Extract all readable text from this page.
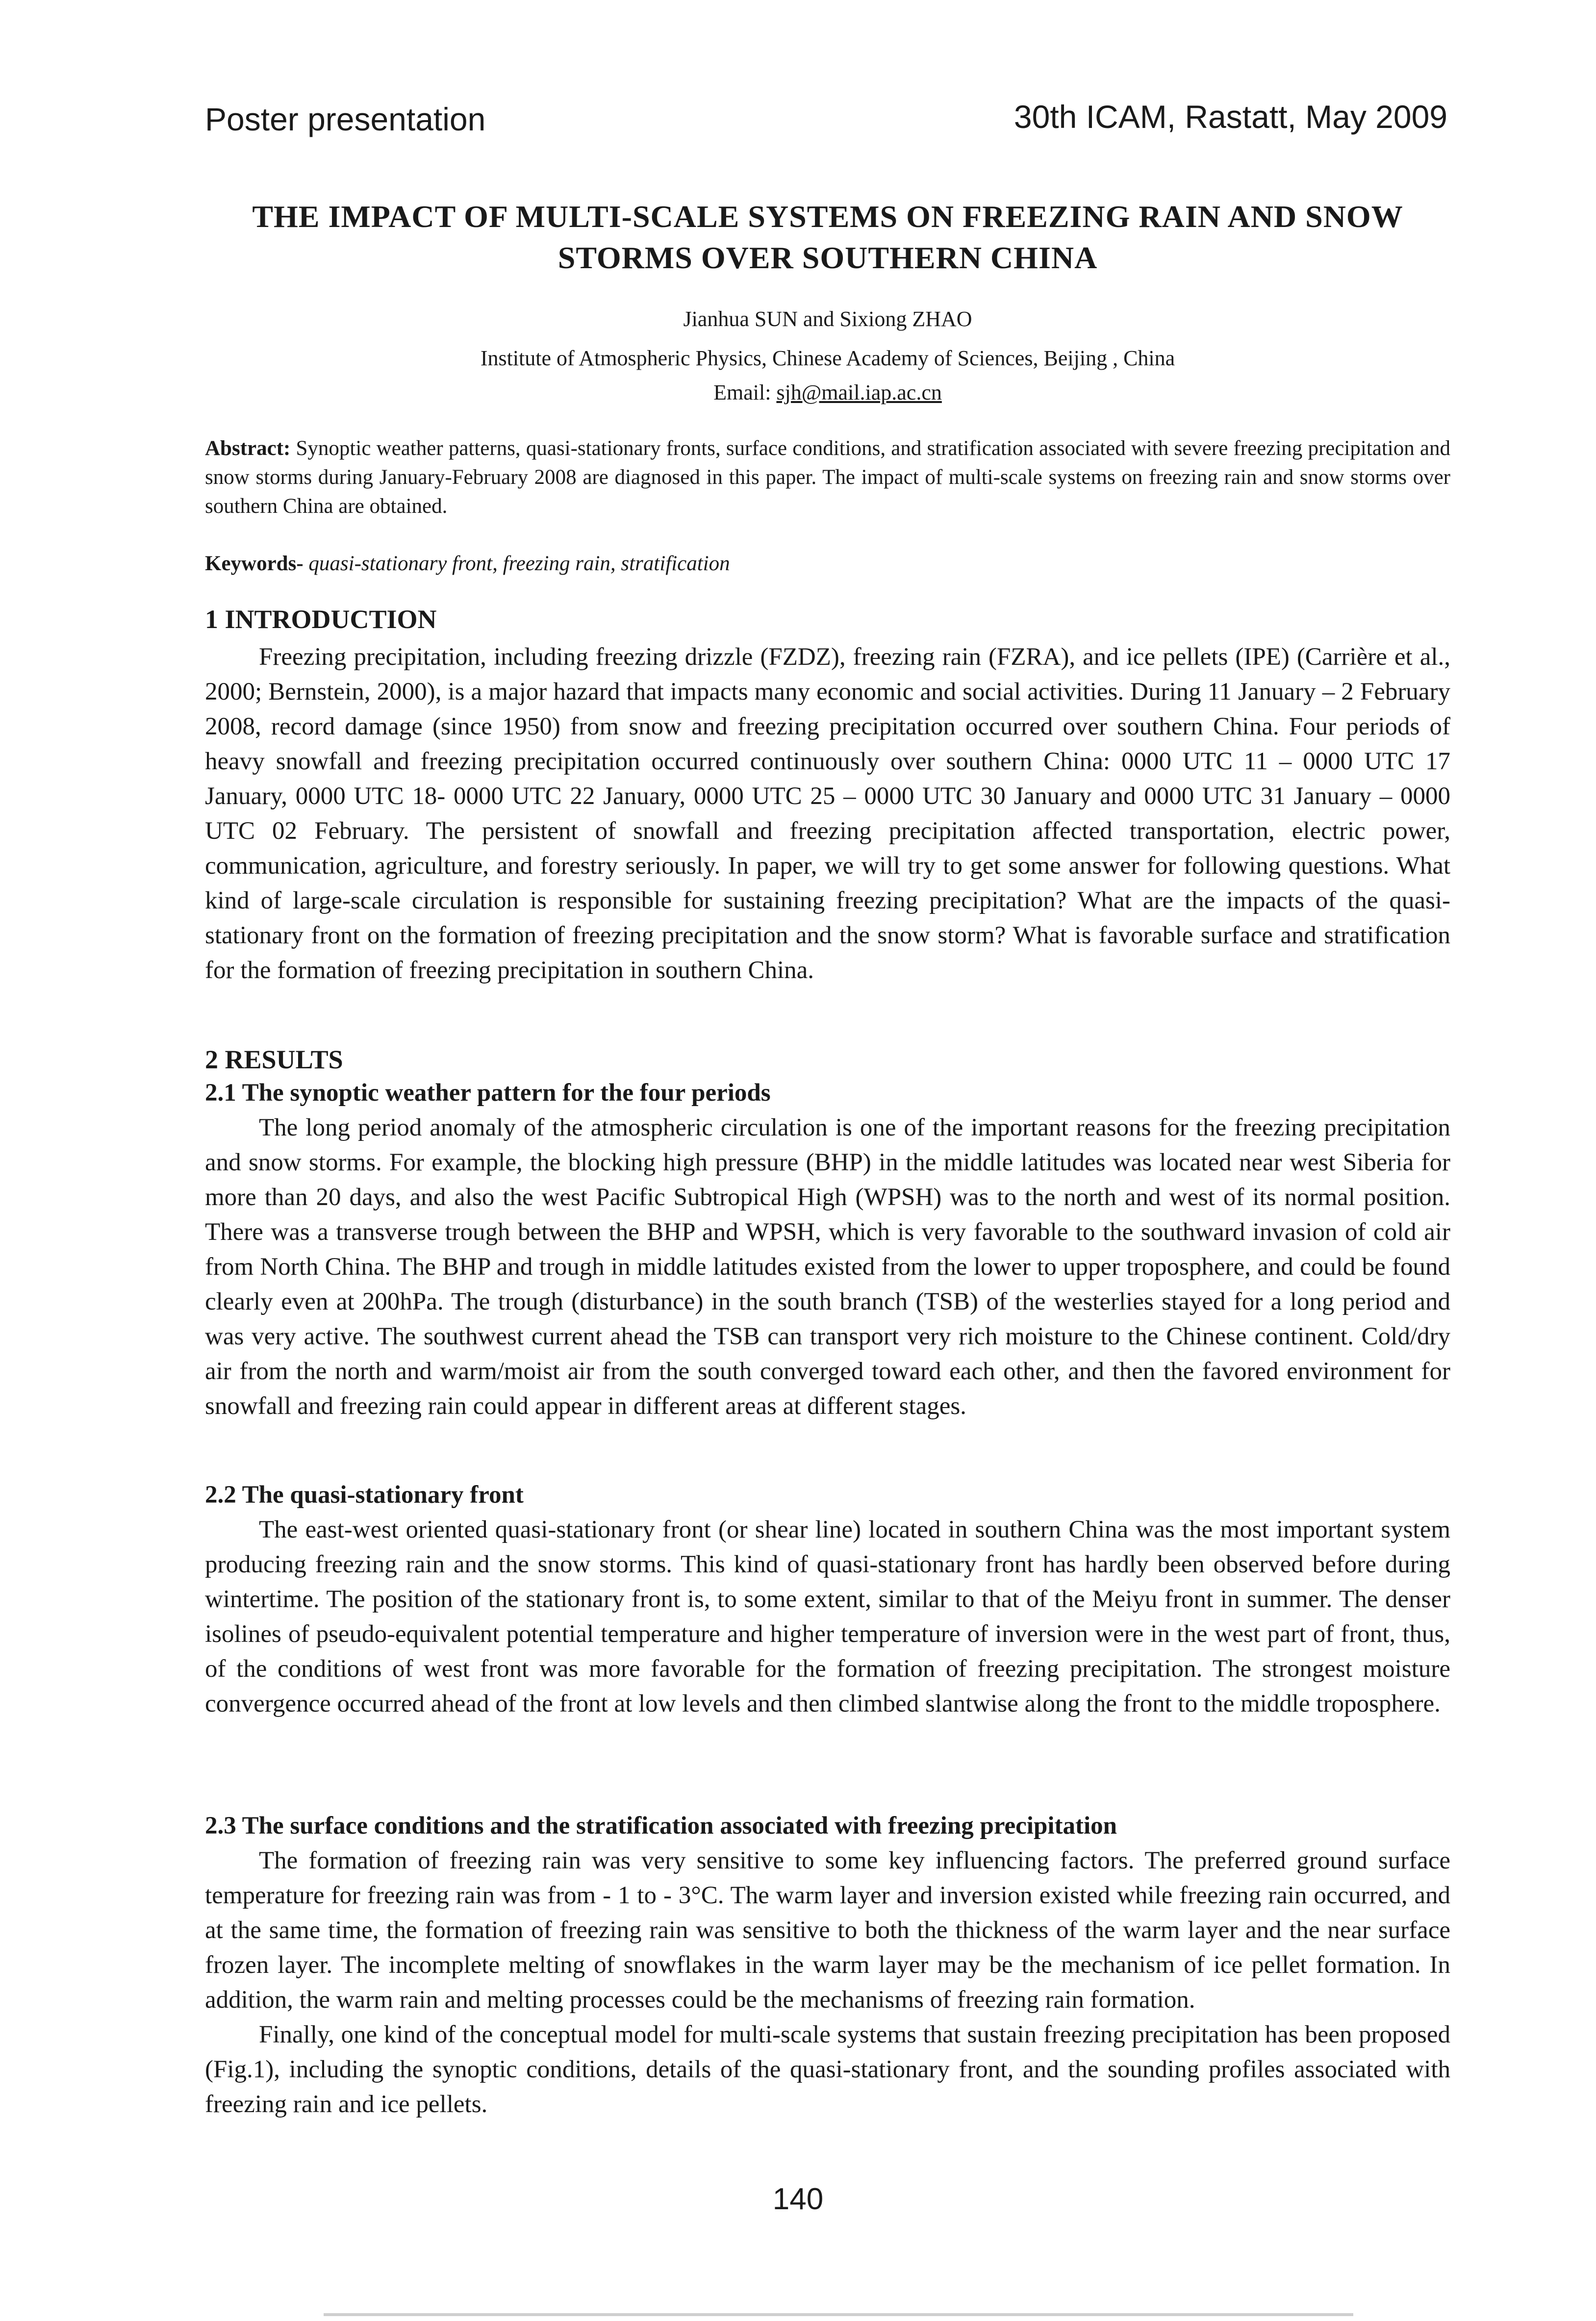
Poster presentation	30th ICAM, Rastatt, May 2009
THE IMPACT OF MULTI-SCALE SYSTEMS ON FREEZING RAIN AND SNOW
STORMS OVER SOUTHERN CHINA
Jianhua SUN and Sixiong ZHAO
Institute of Atmospheric Physics, Chinese Academy of Sciences, Beijing , China
Email: sjh@mail.iap.ac.cn
Abstract: Synoptic weather patterns, quasi-stationary fronts, surface conditions, and stratification associated with severe freezing precipitation and snow storms during January-February 2008 are diagnosed in this paper. The impact of multi-scale systems on freezing rain and snow storms over southern China are obtained.
Keywords- quasi-stationary front, freezing rain, stratification
1 INTRODUCTION

Freezing precipitation, including freezing drizzle (FZDZ), freezing rain (FZRA), and ice pellets (IPE) (Carrière et al., 2000; Bernstein, 2000), is a major hazard that impacts many economic and social activities. During 11 January – 2 February 2008, record damage (since 1950) from snow and freezing precipitation occurred over southern China. Four periods of heavy snowfall and freezing precipitation occurred continuously over southern China: 0000 UTC 11 – 0000 UTC 17 January, 0000 UTC 18- 0000 UTC 22 January, 0000 UTC 25 – 0000 UTC 30 January and 0000 UTC 31 January – 0000 UTC 02 February. The persistent of snowfall and freezing precipitation affected transportation, electric power, communication, agriculture, and forestry seriously. In paper, we will try to get some answer for following questions. What kind of large-scale circulation is responsible for sustaining freezing precipitation? What are the impacts of the quasi-stationary front on the formation of freezing precipitation and the snow storm? What is favorable surface and stratification for the formation of freezing precipitation in southern China.

2 RESULTS
2.1 The synoptic weather pattern for the four periods

The long period anomaly of the atmospheric circulation is one of the important reasons for the freezing precipitation and snow storms. For example, the blocking high pressure (BHP) in the middle latitudes was located near west Siberia for more than 20 days, and also the west Pacific Subtropical High (WPSH) was to the north and west of its normal position. There was a transverse trough between the BHP and WPSH, which is very favorable to the southward invasion of cold air from North China. The BHP and trough in middle latitudes existed from the lower to upper troposphere, and could be found clearly even at 200hPa. The trough (disturbance) in the south branch (TSB) of the westerlies stayed for a long period and was very active. The southwest current ahead the TSB can transport very rich moisture to the Chinese continent. Cold/dry air from the north and warm/moist air from the south converged toward each other, and then the favored environment for snowfall and freezing rain could appear in different areas at different stages.

2.2 The quasi-stationary front

The east-west oriented quasi-stationary front (or shear line) located in southern China was the most important system producing freezing rain and the snow storms. This kind of quasi-stationary front has hardly been observed before during wintertime. The position of the stationary front is, to some extent, similar to that of the Meiyu front in summer. The denser isolines of pseudo-equivalent potential temperature and higher temperature of inversion were in the west part of front, thus, of the conditions of west front was more favorable for the formation of freezing precipitation. The strongest moisture convergence occurred ahead of the front at low levels and then climbed slantwise along the front to the middle troposphere.

2.3 The surface conditions and the stratification associated with freezing precipitation

The formation of freezing rain was very sensitive to some key influencing factors. The preferred ground surface temperature for freezing rain was from - 1 to - 3°C. The warm layer and inversion existed while freezing rain occurred, and at the same time, the formation of freezing rain was sensitive to both the thickness of the warm layer and the near surface frozen layer. The incomplete melting of snowflakes in the warm layer may be the mechanism of ice pellet formation. In addition, the warm rain and melting processes could be the mechanisms of freezing rain formation.

Finally, one kind of the conceptual model for multi-scale systems that sustain freezing precipitation has been proposed (Fig.1), including the synoptic conditions, details of the quasi-stationary front, and the sounding profiles associated with freezing rain and ice pellets.

140
